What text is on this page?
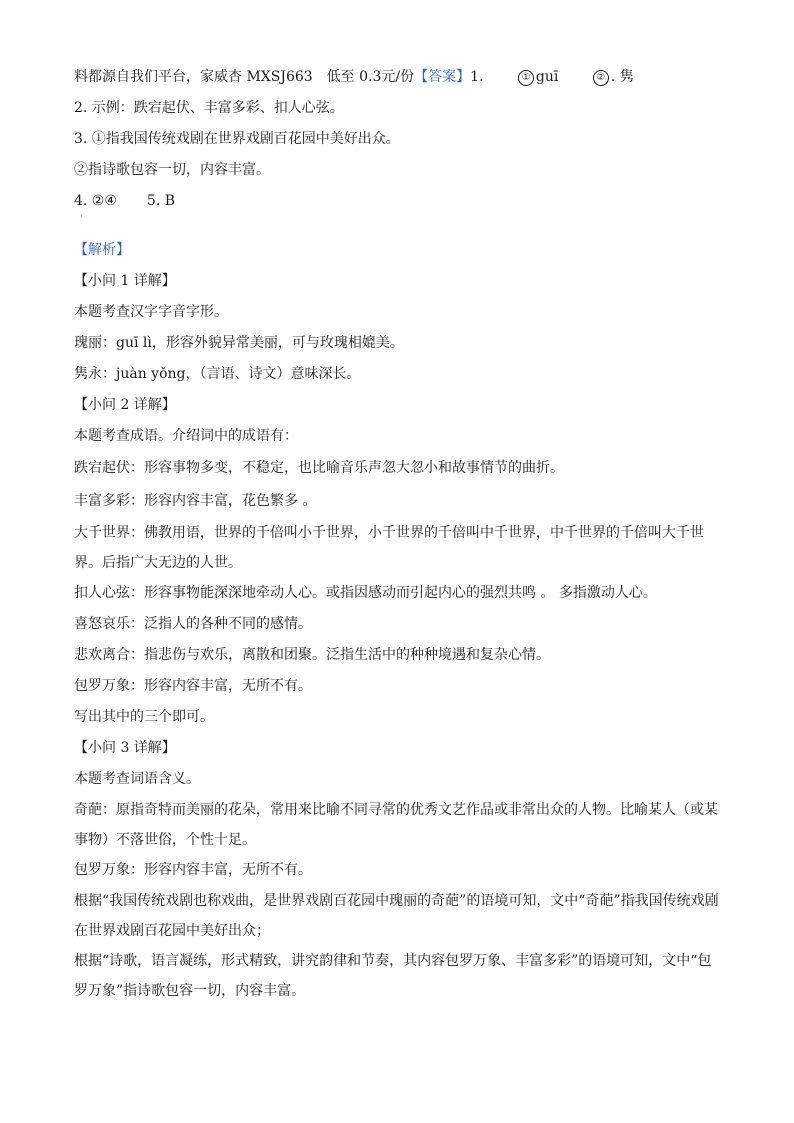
料都源自我们平台，家威杏 MXSJ663　低至 0.3元/份【答案】1.	① guī	② . 隽
2. 示例：跌宕起伏、丰富多彩、扣人心弦。
3. ①指我国传统戏剧在世界戏剧百花园中美好出众。
②指诗歌包容一切，内容丰富。
4. ②④ 5. B
【解析】
【小问 1 详解】
本题考查汉字字音字形。
瑰丽：guī lì，形容外貌异常美丽，可与玫瑰相媲美。
隽永：juàn yǒng，（言语、诗文）意味深长。
【小问 2 详解】
本题考查成语。介绍词中的成语有：
跌宕起伏：形容事物多变，不稳定，也比喻音乐声忽大忽小和故事情节的曲折。
丰富多彩：形容内容丰富，花色繁多 。
大千世界：佛教用语，世界的千倍叫小千世界，小千世界的千倍叫中千世界，中千世界的千倍叫大千世界。后指广大无边的人世。
扣人心弦：形容事物能深深地牵动人心。或指因感动而引起内心的强烈共鸣 。 多指激动人心。
喜怒哀乐：泛指人的各种不同的感情。
悲欢离合：指悲伤与欢乐，离散和团聚。泛指生活中的种种境遇和复杂心情。
包罗万象：形容内容丰富，无所不有。
写出其中的三个即可。
【小问 3 详解】
本题考查词语含义。
奇葩：原指奇特而美丽的花朵，常用来比喻不同寻常的优秀文艺作品或非常出众的人物。比喻某人（或某事物）不落世俗，个性十足。
包罗万象：形容内容丰富，无所不有。
根据“我国传统戏剧也称戏曲，是世界戏剧百花园中瑰丽的奇葩”的语境可知，文中“奇葩”指我国传统戏剧在世界戏剧百花园中美好出众；
根据“诗歌，语言凝练，形式精致，讲究韵律和节奏，其内容包罗万象、丰富多彩”的语境可知，文中“包罗万象”指诗歌包容一切，内容丰富。
·
